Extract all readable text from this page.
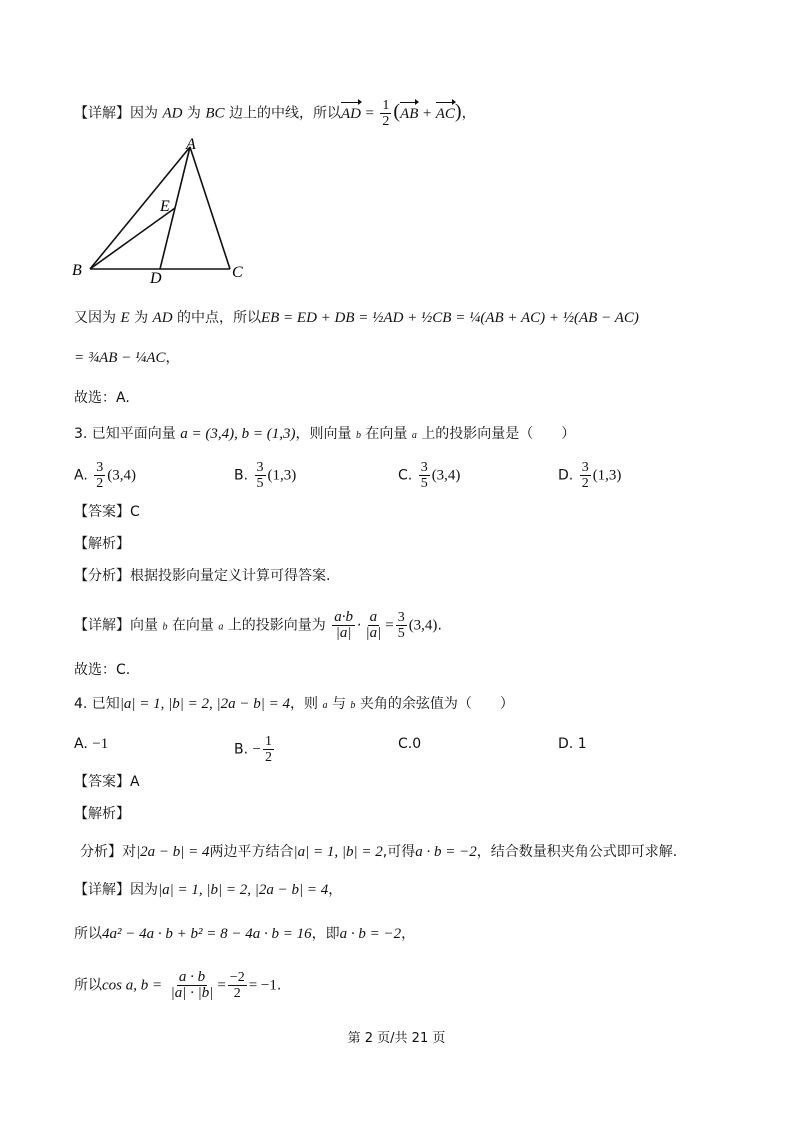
【详解】因为 AD 为 BC 边上的中线，所以AD = $\frac{1}{2} (AB + AC)$，
A
B	C
D
E
又因为 E 为 AD 的中点，所以EB = ED + DB = ½AD + ½CB = ¼(AB + AC) + ½(AB − AC)
= ¾AB − ¼AC，
故选：A.
3. 已知平面向量 a = (3,4), b = (1,3)，则向量 b 在向量 a 上的投影向量是（　　）
A. $\frac{3}{2} (3,4)$	B. $\frac{3}{5} (1,3)$	C. $\frac{3}{5} (3,4)$	D. $\frac{3}{2} (1,3)$
【答案】C
【解析】
【分析】根据投影向量定义计算可得答案.
【详解】向量 b 在向量 a 上的投影向量为 $\frac{a\cdot b}{|a|} \cdot \frac{a}{|a|} = \frac{3}{5} (3,4)$.
故选：C.
4. 已知|a| = 1, |b| = 2, |2a − b| = 4，则 a 与 b 夹角的余弦值为（　　）
A. −1	B. − $\frac{1}{2}$	C.0	D. 1
【答案】A
【解析】
分析】对|2a − b| = 4两边平方结合|a| = 1, |b| = 2,可得a · b = −2，结合数量积夹角公式即可求解.
【详解】因为|a| = 1, |b| = 2, |2a − b| = 4，
所以4a² − 4a · b + b² = 8 − 4a · b = 16，即a · b = −2，
所以cos a, $b = \frac{a \cdot b}{|a| \cdot |b|} = \frac{-2}{2} = -1$.
第 2 页/共 21 页
